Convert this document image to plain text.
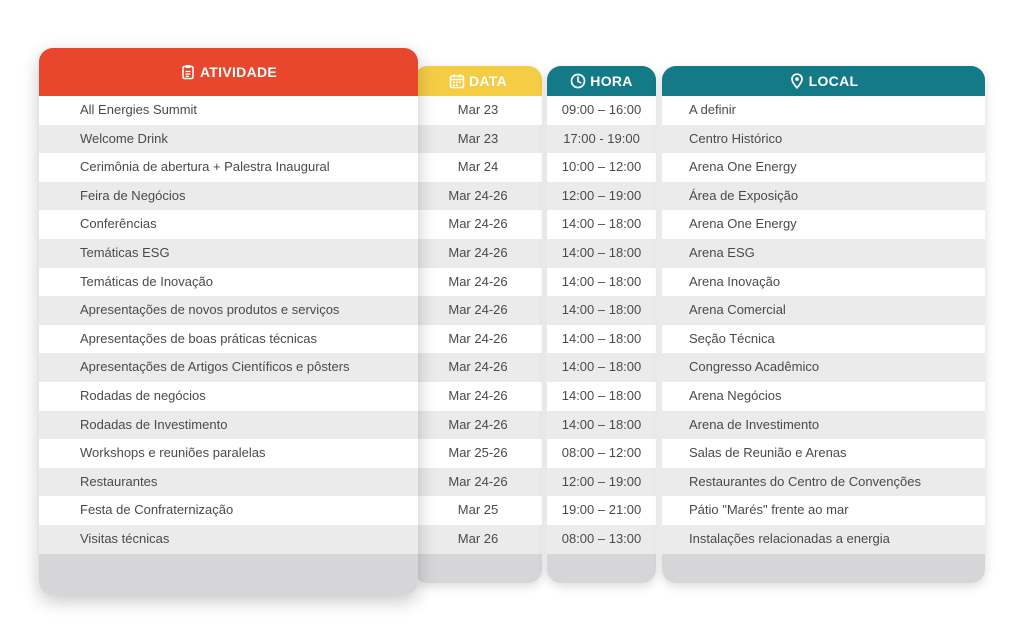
ATIVIDADE
All Energies Summit
Welcome Drink
Cerimônia de abertura + Palestra Inaugural
Feira de Negócios
Conferências
Temáticas ESG
Temáticas de Inovação
Apresentações de novos produtos e serviços
Apresentações de boas práticas técnicas
Apresentações de Artigos Científicos e pôsters
Rodadas de negócios
Rodadas de Investimento
Workshops e reuniões paralelas
Restaurantes
Festa de Confraternização
Visitas técnicas
DATA
Mar 23
Mar 23
Mar 24
Mar 24-26
Mar 24-26
Mar 24-26
Mar 24-26
Mar 24-26
Mar 24-26
Mar 24-26
Mar 24-26
Mar 24-26
Mar 25-26
Mar 24-26
Mar 25
Mar 26
HORA
09:00 – 16:00
17:00 - 19:00
10:00 – 12:00
12:00 – 19:00
14:00 – 18:00
14:00 – 18:00
14:00 – 18:00
14:00 – 18:00
14:00 – 18:00
14:00 – 18:00
14:00 – 18:00
14:00 – 18:00
08:00 – 12:00
12:00 – 19:00
19:00 – 21:00
08:00 – 13:00
LOCAL
A definir
Centro Histórico
Arena One Energy
Área de Exposição
Arena One Energy
Arena ESG
Arena Inovação
Arena Comercial
Seção Técnica
Congresso Acadêmico
Arena Negócios
Arena de Investimento
Salas de Reunião e Arenas
Restaurantes do Centro de Convenções
Pátio "Marés" frente ao mar
Instalações relacionadas a energia
